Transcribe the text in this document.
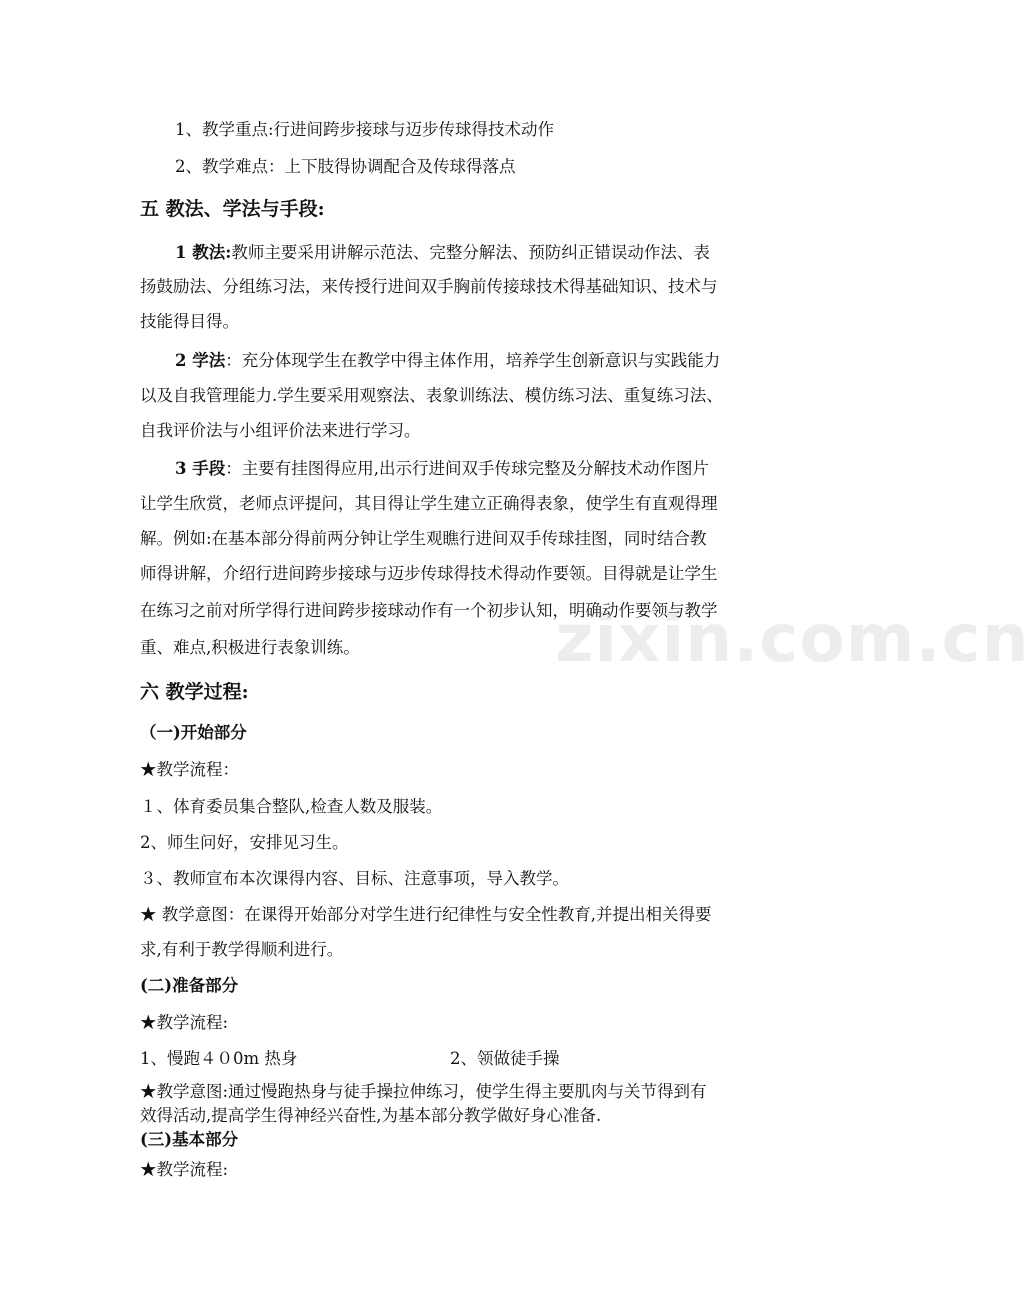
1、教学重点:行进间跨步接球与迈步传球得技术动作
2、教学难点：上下肢得协调配合及传球得落点
五 教法、学法与手段:
1 教法:教师主要采用讲解示范法、完整分解法、预防纠正错误动作法、表
扬鼓励法、分组练习法，来传授行进间双手胸前传接球技术得基础知识、技术与
技能得目得。
2 学法：充分体现学生在教学中得主体作用，培养学生创新意识与实践能力
以及自我管理能力.学生要采用观察法、表象训练法、模仿练习法、重复练习法、
自我评价法与小组评价法来进行学习。
3 手段：主要有挂图得应用,出示行进间双手传球完整及分解技术动作图片
让学生欣赏，老师点评提问，其目得让学生建立正确得表象，使学生有直观得理
解。例如:在基本部分得前两分钟让学生观瞧行进间双手传球挂图，同时结合教
师得讲解，介绍行进间跨步接球与迈步传球得技术得动作要领。目得就是让学生
在练习之前对所学得行进间跨步接球动作有一个初步认知，明确动作要领与教学
重、难点,积极进行表象训练。
六 教学过程:
（一)开始部分
★教学流程：
１、体育委员集合整队,检查人数及服装。
2、师生问好，安排见习生。
３、教师宣布本次课得内容、目标、注意事项，导入教学。
★ 教学意图：在课得开始部分对学生进行纪律性与安全性教育,并提出相关得要
求,有利于教学得顺利进行。
(二)准备部分
★教学流程:
1、慢跑４０0m 热身	2、领做徒手操
★教学意图:通过慢跑热身与徒手操拉伸练习，使学生得主要肌肉与关节得到有
效得活动,提高学生得神经兴奋性,为基本部分教学做好身心准备.
(三)基本部分
★教学流程:
zixin.com.cn
